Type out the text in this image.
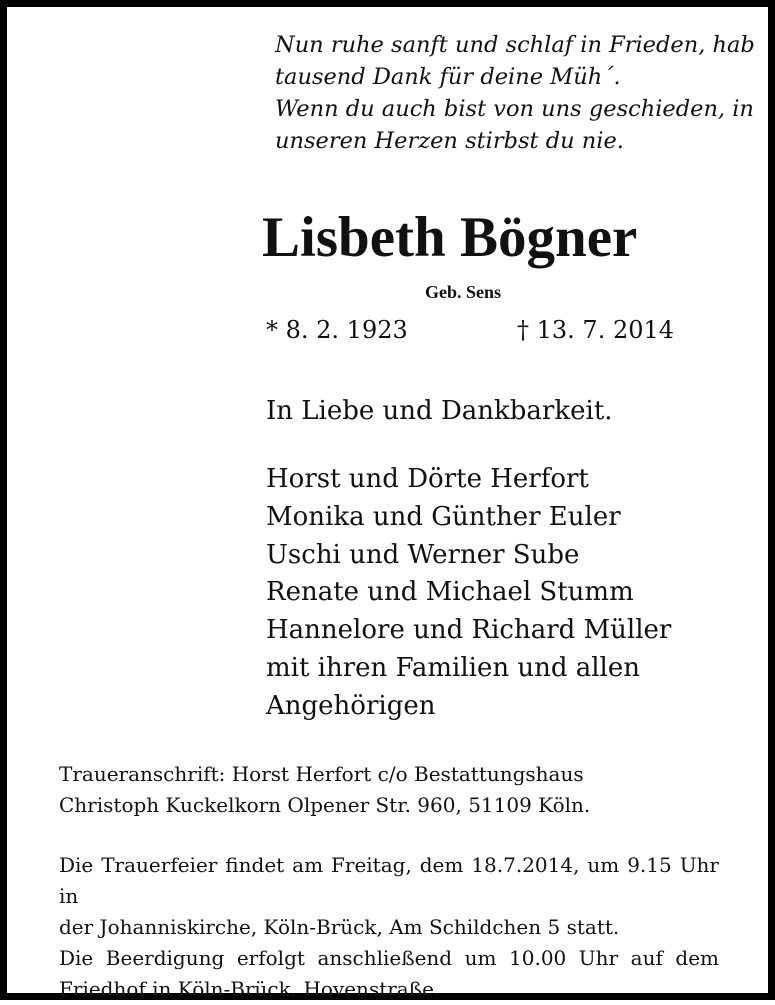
Nun ruhe sanft und schlaf in Frieden, hab
tausend Dank für deine Müh´.
Wenn du auch bist von uns geschieden, in
unseren Herzen stirbst du nie.
Lisbeth Bögner
Geb. Sens
* 8. 2. 1923	† 13. 7. 2014
In Liebe und Dankbarkeit.
Horst und Dörte Herfort
Monika und Günther Euler
Uschi und Werner Sube
Renate und Michael Stumm
Hannelore und Richard Müller
mit ihren Familien und allen
Angehörigen
Traueranschrift: Horst Herfort c/o Bestattungshaus
Christoph Kuckelkorn Olpener Str. 960, 51109 Köln.
Die Trauerfeier findet am Freitag, dem 18.7.2014, um 9.15 Uhr in
der Johanniskirche, Köln-Brück, Am Schildchen 5 statt.
Die Beerdigung erfolgt anschließend um 10.00 Uhr auf dem
Friedhof in Köln-Brück, Hovenstraße.
